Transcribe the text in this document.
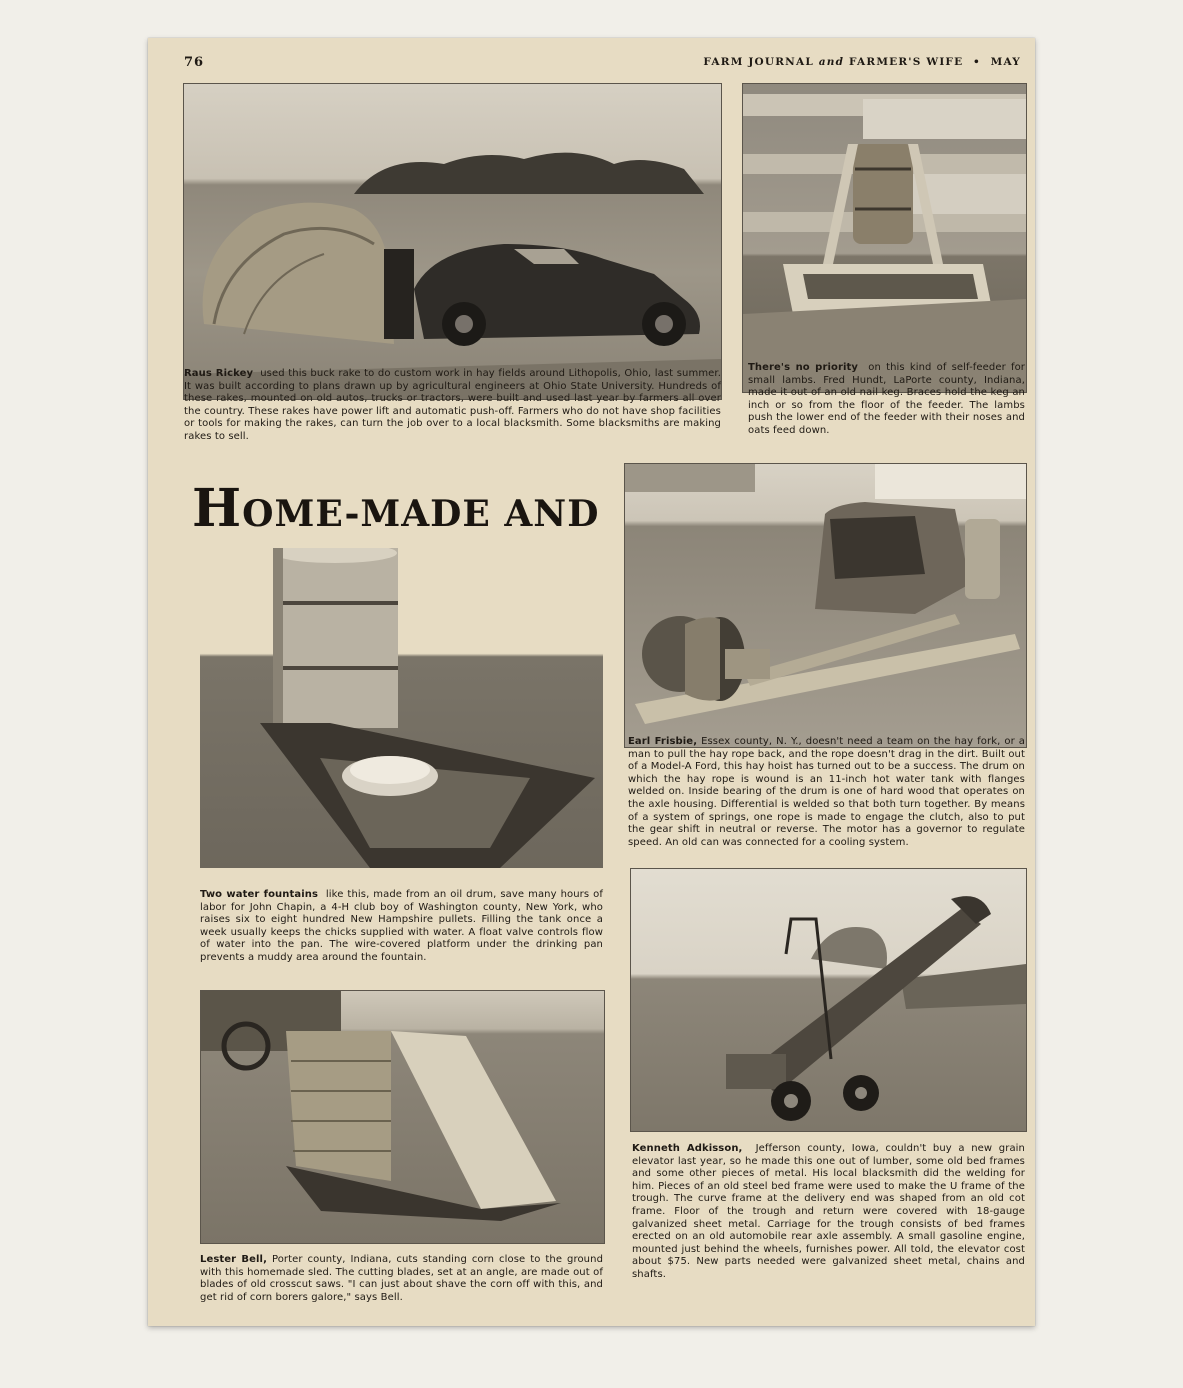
76	FARM JOURNAL and FARMER'S WIFE • MAY
Raus Rickey used this buck rake to do custom work in hay fields around Lithopolis, Ohio, last summer. It was built according to plans drawn up by agricultural engineers at Ohio State University. Hundreds of these rakes, mounted on old autos, trucks or tractors, were built and used last year by farmers all over the country. These rakes have power lift and automatic push-off. Farmers who do not have shop facilities or tools for making the rakes, can turn the job over to a local blacksmith. Some blacksmiths are making rakes to sell.
There's no priority on this kind of self-feeder for small lambs. Fred Hundt, LaPorte county, Indiana, made it out of an old nail keg. Braces hold the keg an inch or so from the floor of the feeder. The lambs push the lower end of the feeder with their noses and oats feed down.
HOME-MADE AND
Earl Frisbie, Essex county, N. Y., doesn't need a team on the hay fork, or a man to pull the hay rope back, and the rope doesn't drag in the dirt. Built out of a Model-A Ford, this hay hoist has turned out to be a success. The drum on which the hay rope is wound is an 11-inch hot water tank with flanges welded on. Inside bearing of the drum is one of hard wood that operates on the axle housing. Differential is welded so that both turn together. By means of a system of springs, one rope is made to engage the clutch, also to put the gear shift in neutral or reverse. The motor has a governor to regulate speed. An old can was connected for a cooling system.
Two water fountains like this, made from an oil drum, save many hours of labor for John Chapin, a 4-H club boy of Washington county, New York, who raises six to eight hundred New Hampshire pullets. Filling the tank once a week usually keeps the chicks supplied with water. A float valve controls flow of water into the pan. The wire-covered platform under the drinking pan prevents a muddy area around the fountain.
Kenneth Adkisson, Jefferson county, Iowa, couldn't buy a new grain elevator last year, so he made this one out of lumber, some old bed frames and some other pieces of metal. His local blacksmith did the welding for him. Pieces of an old steel bed frame were used to make the U frame of the trough. The curve frame at the delivery end was shaped from an old cot frame. Floor of the trough and return were covered with 18-gauge galvanized sheet metal. Carriage for the trough consists of bed frames erected on an old automobile rear axle assembly. A small gasoline engine, mounted just behind the wheels, furnishes power. All told, the elevator cost about $75. New parts needed were galvanized sheet metal, chains and shafts.
Lester Bell, Porter county, Indiana, cuts standing corn close to the ground with this homemade sled. The cutting blades, set at an angle, are made out of blades of old crosscut saws. "I can just about shave the corn off with this, and get rid of corn borers galore," says Bell.
